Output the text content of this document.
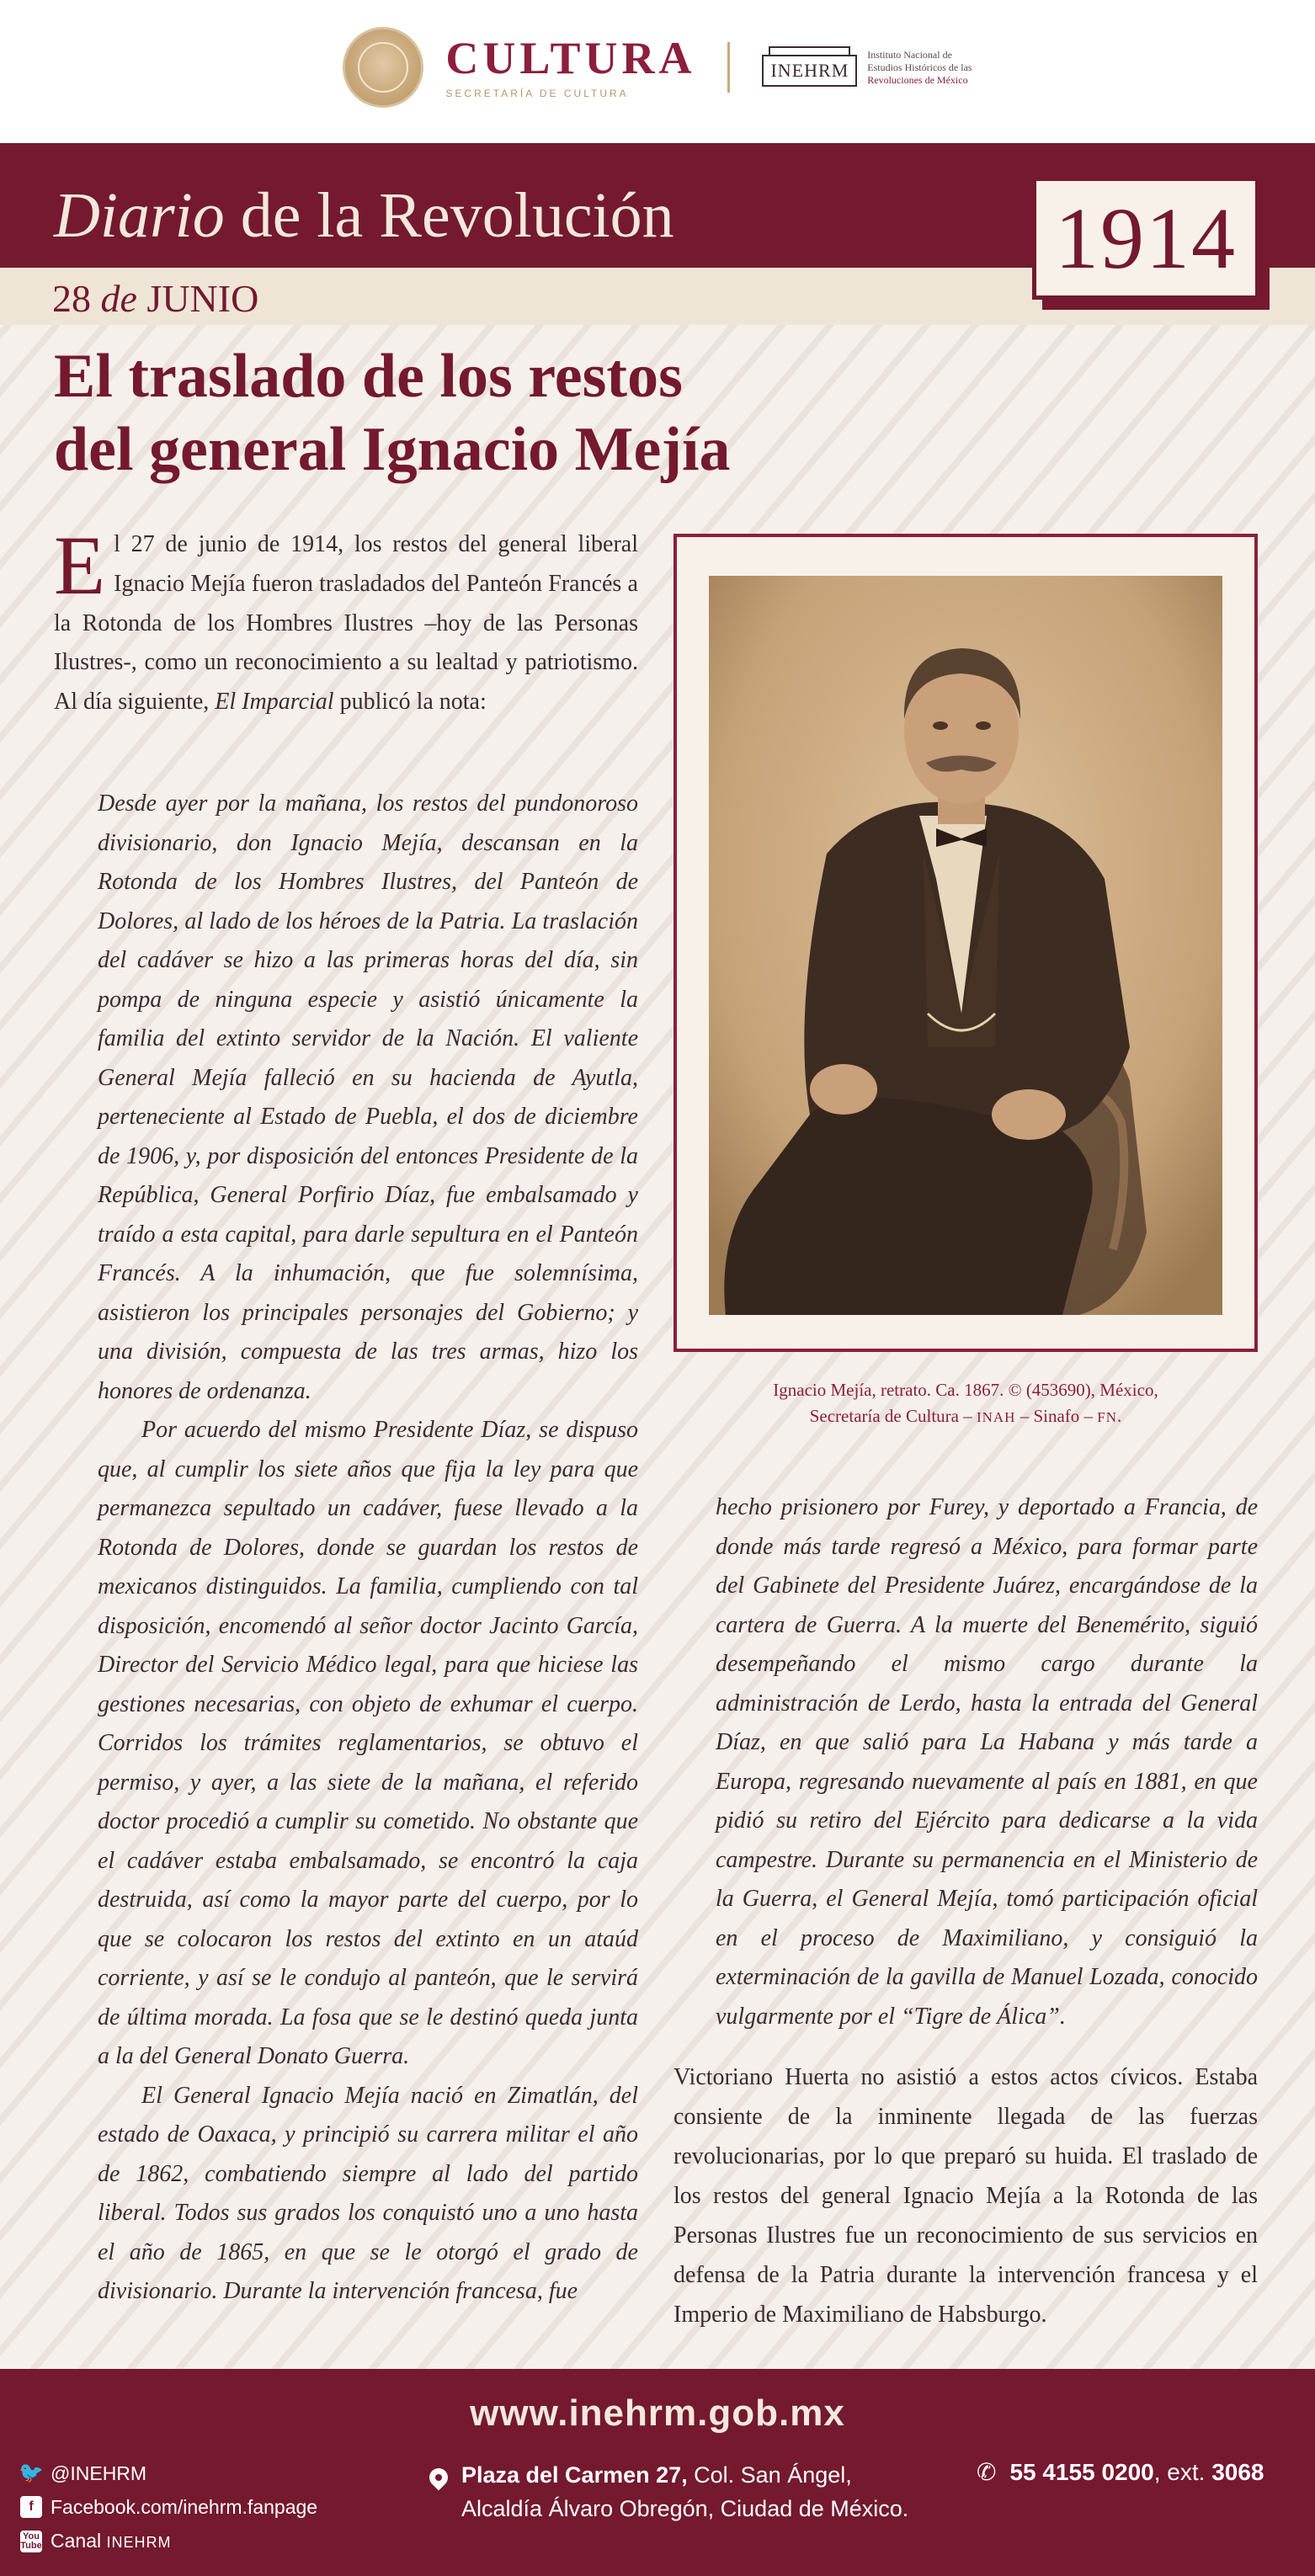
CULTURA
SECRETARÍA DE CULTURA
INEHRM
Instituto Nacional de
Estudios Históricos de las
Revoluciones de México
Diario de la Revolución
28 de JUNIO
1914
El traslado de los restos
del general Ignacio Mejía
E l 27 de junio de 1914, los restos del general liberal Ignacio Mejía fueron trasladados del Panteón Francés a la Rotonda de los Hombres Ilustres –hoy de las Personas Ilustres-, como un reconocimiento a su lealtad y patriotismo. Al día siguiente, El Imparcial publicó la nota:

Desde ayer por la mañana, los restos del pundonoroso divisionario, don Ignacio Mejía, descansan en la Rotonda de los Hombres Ilustres, del Panteón de Dolores, al lado de los héroes de la Patria. La traslación del cadáver se hizo a las primeras horas del día, sin pompa de ninguna especie y asistió únicamente la familia del extinto servidor de la Nación. El valiente General Mejía falleció en su hacienda de Ayutla, perteneciente al Estado de Puebla, el dos de diciembre de 1906, y, por disposición del entonces Presidente de la República, General Porfirio Díaz, fue embalsamado y traído a esta capital, para darle sepultura en el Panteón Francés. A la inhumación, que fue solemnísima, asistieron los principales personajes del Gobierno; y una división, compuesta de las tres armas, hizo los honores de ordenanza.

Por acuerdo del mismo Presidente Díaz, se dispuso que, al cumplir los siete años que fija la ley para que permanezca sepultado un cadáver, fuese llevado a la Rotonda de Dolores, donde se guardan los restos de mexicanos distinguidos. La familia, cumpliendo con tal disposición, encomendó al señor doctor Jacinto García, Director del Servicio Médico legal, para que hiciese las gestiones necesarias, con objeto de exhumar el cuerpo. Corridos los trámites reglamentarios, se obtuvo el permiso, y ayer, a las siete de la mañana, el referido doctor procedió a cumplir su cometido. No obstante que el cadáver estaba embalsamado, se encontró la caja destruida, así como la mayor parte del cuerpo, por lo que se colocaron los restos del extinto en un ataúd corriente, y así se le condujo al panteón, que le servirá de última morada. La fosa que se le destinó queda junta a la del General Donato Guerra.

El General Ignacio Mejía nació en Zimatlán, del estado de Oaxaca, y principió su carrera militar el año de 1862, combatiendo siempre al lado del partido liberal. Todos sus grados los conquistó uno a uno hasta el año de 1865, en que se le otorgó el grado de divisionario. Durante la intervención francesa, fue

Ignacio Mejía, retrato. Ca. 1867. © (453690), México,
Secretaría de Cultura – INAH – Sinafo – FN.

hecho prisionero por Furey, y deportado a Francia, de donde más tarde regresó a México, para formar parte del Gabinete del Presidente Juárez, encargándose de la cartera de Guerra. A la muerte del Benemérito, siguió desempeñando el mismo cargo durante la administración de Lerdo, hasta la entrada del General Díaz, en que salió para La Habana y más tarde a Europa, regresando nuevamente al país en 1881, en que pidió su retiro del Ejército para dedicarse a la vida campestre. Durante su permanencia en el Ministerio de la Guerra, el General Mejía, tomó participación oficial en el proceso de Maximiliano, y consiguió la exterminación de la gavilla de Manuel Lozada, conocido vulgarmente por el “Tigre de Álica”.

Victoriano Huerta no asistió a estos actos cívicos. Estaba consiente de la inminente llegada de las fuerzas revolucionarias, por lo que preparó su huida. El traslado de los restos del general Ignacio Mejía a la Rotonda de las Personas Ilustres fue un reconocimiento de sus servicios en defensa de la Patria durante la intervención francesa y el Imperio de Maximiliano de Habsburgo.

www.inehrm.gob.mx
🐦 @INEHRM
f Facebook.com/inehrm.fanpage
You
Tube Canal INEHRM
Plaza del Carmen 27, Col. San Ángel,
Alcaldía Álvaro Obregón, Ciudad de México.
✆ 55 4155 0200, ext. 3068
